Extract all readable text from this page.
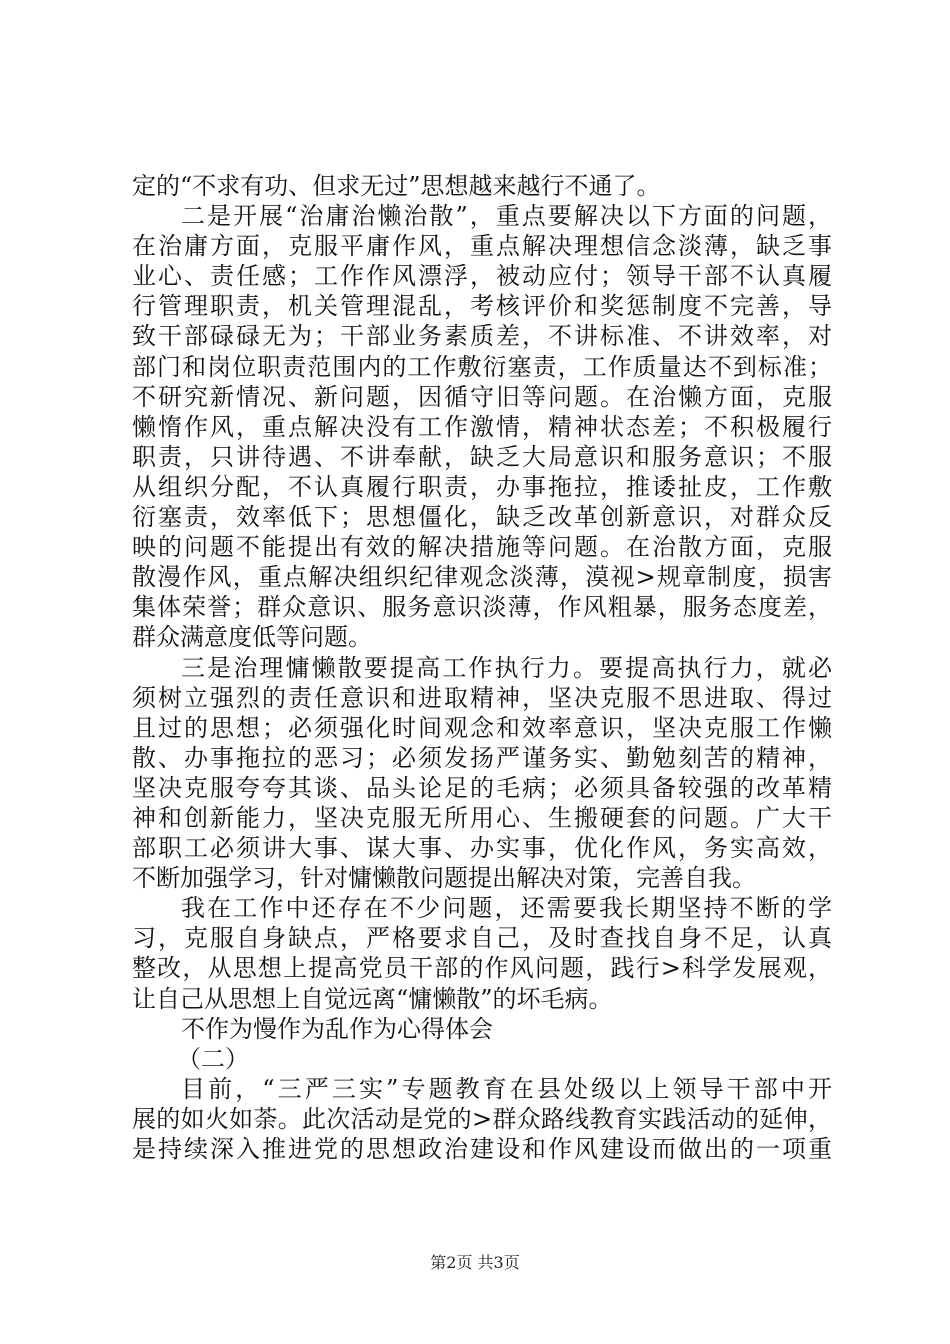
定的“不求有功、但求无过”思想越来越行不通了。
二是开展“治庸治懒治散”，重点要解决以下方面的问题，
在治庸方面，克服平庸作风，重点解决理想信念淡薄，缺乏事
业心、责任感；工作作风漂浮，被动应付；领导干部不认真履
行管理职责，机关管理混乱，考核评价和奖惩制度不完善，导
致干部碌碌无为；干部业务素质差，不讲标准、不讲效率，对
部门和岗位职责范围内的工作敷衍塞责，工作质量达不到标准；
不研究新情况、新问题，因循守旧等问题。在治懒方面，克服
懒惰作风，重点解决没有工作激情，精神状态差；不积极履行
职责，只讲待遇、不讲奉献，缺乏大局意识和服务意识；不服
从组织分配，不认真履行职责，办事拖拉，推诿扯皮，工作敷
衍塞责，效率低下；思想僵化，缺乏改革创新意识，对群众反
映的问题不能提出有效的解决措施等问题。在治散方面，克服
散漫作风，重点解决组织纪律观念淡薄，漠视>规章制度，损害
集体荣誉；群众意识、服务意识淡薄，作风粗暴，服务态度差，
群众满意度低等问题。
三是治理慵懒散要提高工作执行力。要提高执行力，就必
须树立强烈的责任意识和进取精神，坚决克服不思进取、得过
且过的思想；必须强化时间观念和效率意识，坚决克服工作懒
散、办事拖拉的恶习；必须发扬严谨务实、勤勉刻苦的精神，
坚决克服夸夸其谈、品头论足的毛病；必须具备较强的改革精
神和创新能力，坚决克服无所用心、生搬硬套的问题。广大干
部职工必须讲大事、谋大事、办实事，优化作风，务实高效，
不断加强学习，针对慵懒散问题提出解决对策，完善自我。
我在工作中还存在不少问题，还需要我长期坚持不断的学
习，克服自身缺点，严格要求自己，及时查找自身不足，认真
整改，从思想上提高党员干部的作风问题，践行>科学发展观，
让自己从思想上自觉远离“慵懒散”的坏毛病。
不作为慢作为乱作为心得体会
（二）
目前，“三严三实”专题教育在县处级以上领导干部中开
展的如火如荼。此次活动是党的>群众路线教育实践活动的延伸，
是持续深入推进党的思想政治建设和作风建设而做出的一项重
第2页 共3页
